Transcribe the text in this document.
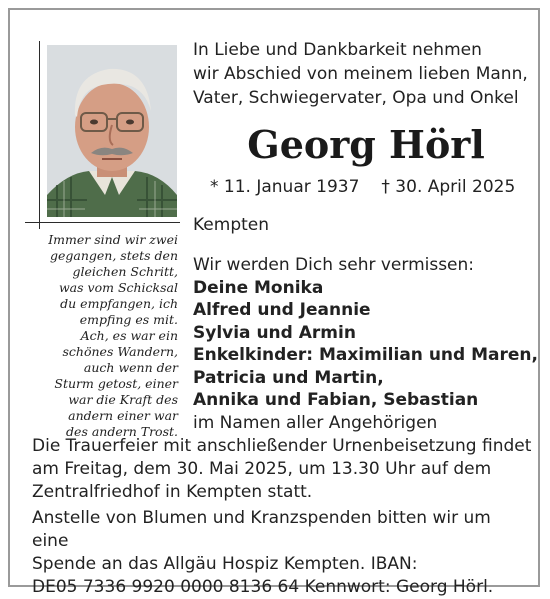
In Liebe und Dankbarkeit nehmen
wir Abschied von meinem lieben Mann,
Vater, Schwiegervater, Opa und Onkel
Georg Hörl
* 11. Januar 1937 † 30. April 2025
Kempten
Immer sind wir zwei
gegangen, stets den
gleichen Schritt,
was vom Schicksal
du empfangen, ich
empfing es mit.
Ach, es war ein
schönes Wandern,
auch wenn der
Sturm getost, einer
war die Kraft des
andern einer war
des andern Trost.
Wir werden Dich sehr vermissen:
Deine Monika
Alfred und Jeannie
Sylvia und Armin
Enkelkinder: Maximilian und Maren,
Patricia und Martin,
Annika und Fabian, Sebastian
im Namen aller Angehörigen
Die Trauerfeier mit anschließender Urnenbeisetzung findet
am Freitag, dem 30. Mai 2025, um 13.30 Uhr auf dem
Zentralfriedhof in Kempten statt.
Anstelle von Blumen und Kranzspenden bitten wir um eine
Spende an das Allgäu Hospiz Kempten. IBAN:
DE05 7336 9920 0000 8136 64 Kennwort: Georg Hörl.
